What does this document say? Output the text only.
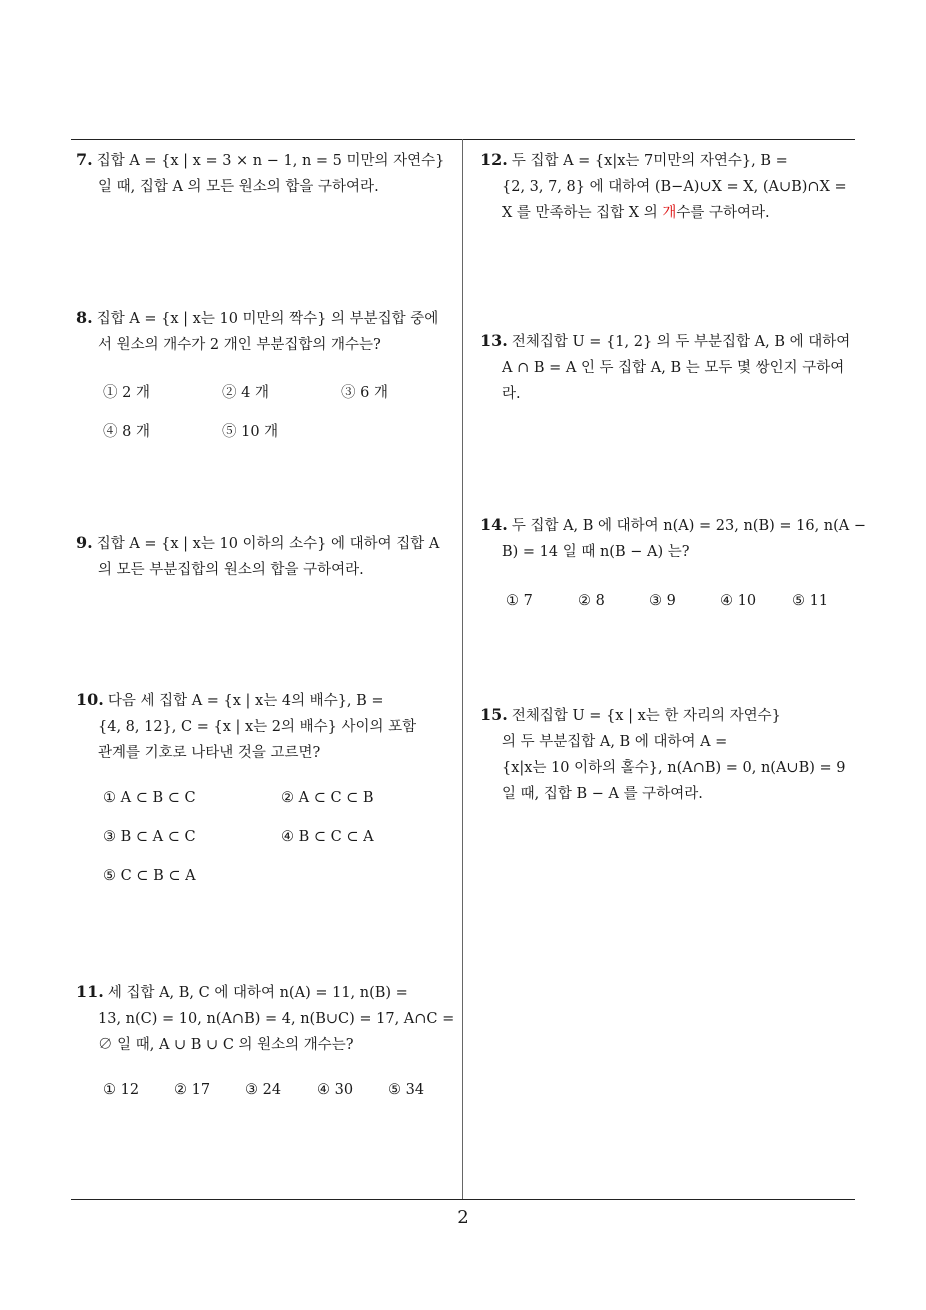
7. 집합 A = {x | x = 3 × n − 1, n = 5 미만의 자연수}
일 때, 집합 A 의 모든 원소의 합을 구하여라.
8. 집합 A = {x | x는 10 미만의 짝수} 의 부분집합 중에
서 원소의 개수가 2 개인 부분집합의 개수는?
① 2 개	② 4 개	③ 6 개
④ 8 개	⑤ 10 개
9. 집합 A = {x | x는 10 이하의 소수} 에 대하여 집합 A
의 모든 부분집합의 원소의 합을 구하여라.
10. 다음 세 집합 A = {x | x는 4의 배수}, B =
{4, 8, 12}, C = {x | x는 2의 배수} 사이의 포함
관계를 기호로 나타낸 것을 고르면?
① A ⊂ B ⊂ C	② A ⊂ C ⊂ B
③ B ⊂ A ⊂ C	④ B ⊂ C ⊂ A
⑤ C ⊂ B ⊂ A
11. 세 집합 A, B, C 에 대하여 n(A) = 11, n(B) =
13, n(C) = 10, n(A∩B) = 4, n(B∪C) = 17, A∩C =
∅ 일 때, A ∪ B ∪ C 의 원소의 개수는?
① 12 ② 17 ③ 24 ④ 30 ⑤ 34
12. 두 집합 A = {x|x는 7미만의 자연수}, B =
{2, 3, 7, 8} 에 대하여 (B−A)∪X = X, (A∪B)∩X =
X 를 만족하는 집합 X 의 개수를 구하여라.
13. 전체집합 U = {1, 2} 의 두 부분집합 A, B 에 대하여
A ∩ B = A 인 두 집합 A, B 는 모두 몇 쌍인지 구하여
라.
14. 두 집합 A, B 에 대하여 n(A) = 23, n(B) = 16, n(A −
B) = 14 일 때 n(B − A) 는?
① 7	② 8	③ 9	④ 10 ⑤ 11
15. 전체집합 U = {x | x는 한 자리의 자연수}
의 두 부분집합 A, B 에 대하여 A =
{x|x는 10 이하의 홀수}, n(A∩B) = 0, n(A∪B) = 9
일 때, 집합 B − A 를 구하여라.
2
